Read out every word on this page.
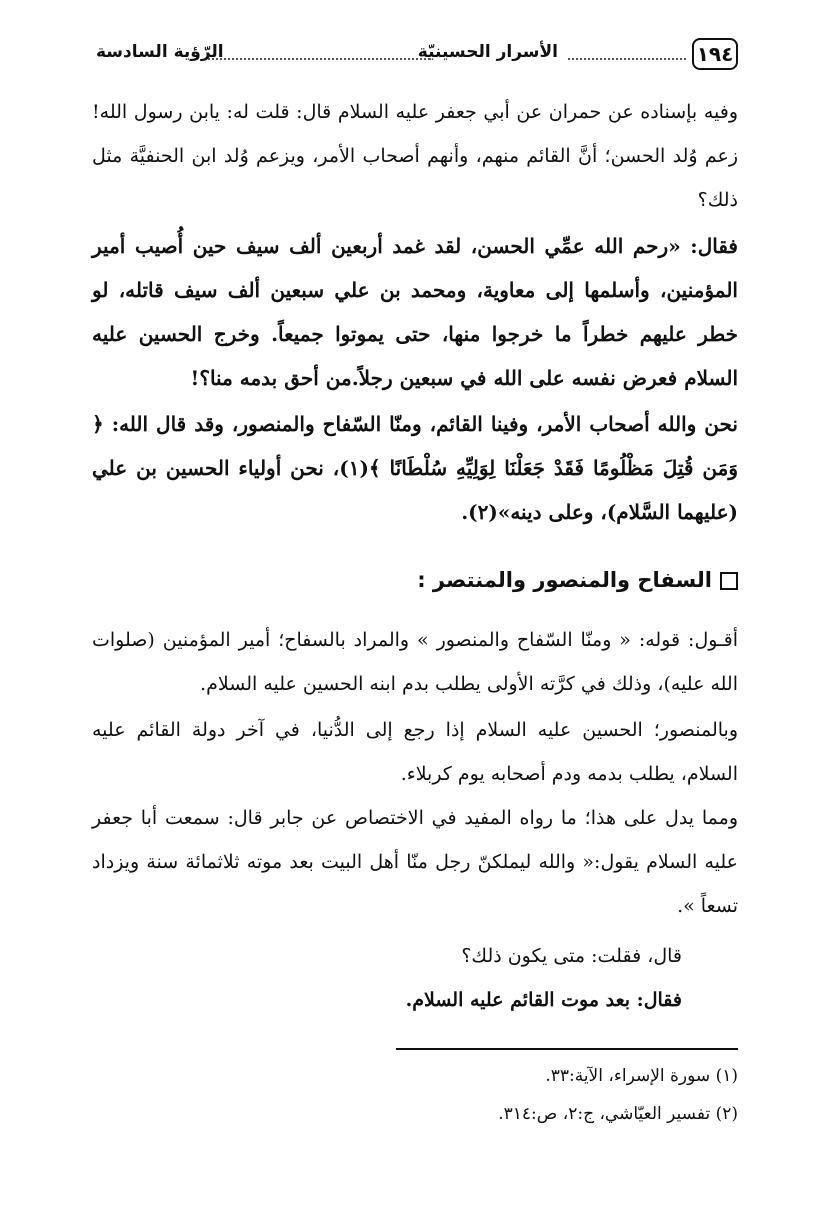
١٩٤
الأسرار الحسينيّة
الرّؤية السادسة

وفيه بإسناده عن حمران عن أبي جعفر عليه السلام قال: قلت له: يابن رسول الله! زعم وُلد الحسن؛ أنَّ القائم منهم، وأنهم أصحاب الأمر، ويزعم وُلد ابن الحنفيَّة مثل ذلك؟

فقال: «رحم الله عمِّي الحسن، لقد غمد أربعين ألف سيف حين أُصيب أمير المؤمنين، وأسلمها إلى معاوية، ومحمد بن علي سبعين ألف سيف قاتله، لو خطر عليهم خطراً ما خرجوا منها، حتى يموتوا جميعاً. وخرج الحسين عليه السلام فعرض نفسه على الله في سبعين رجلاً.من أحق بدمه منا؟!

نحن والله أصحاب الأمر، وفينا القائم، ومنّا السّفاح والمنصور، وقد قال الله: ﴿ وَمَن قُتِلَ مَظْلُومًا فَقَدْ جَعَلْنَا لِوَلِيِّهِ سُلْطَانًا ﴾(١)، نحن أولياء الحسين بن علي (عليهما السَّلام)، وعلى دينه»(٢).

السفاح والمنصور والمنتصر :

أقـول: قوله: « ومنّا السّفاح والمنصور » والمراد بالسفاح؛ أمير المؤمنين (صلوات الله عليه)، وذلك في كرَّته الأولى يطلب بدم ابنه الحسين عليه السلام.

وبالمنصور؛ الحسين عليه السلام إذا رجع إلى الدُّنيا، في آخر دولة القائم عليه السلام، يطلب بدمه ودم أصحابه يوم كربلاء.

ومما يدل على هذا؛ ما رواه المفيد في الاختصاص عن جابر قال: سمعت أبا جعفر عليه السلام يقول:« والله ليملكنّ رجل منّا أهل البيت بعد موته ثلاثمائة سنة ويزداد تسعاً ».

قال، فقلت: متى يكون ذلك؟

فقال: بعد موت القائم عليه السلام.

(١) سورة الإسراء، الآية:٣٣.
(٢) تفسير العيّاشي، ج:٢، ص:٣١٤.
